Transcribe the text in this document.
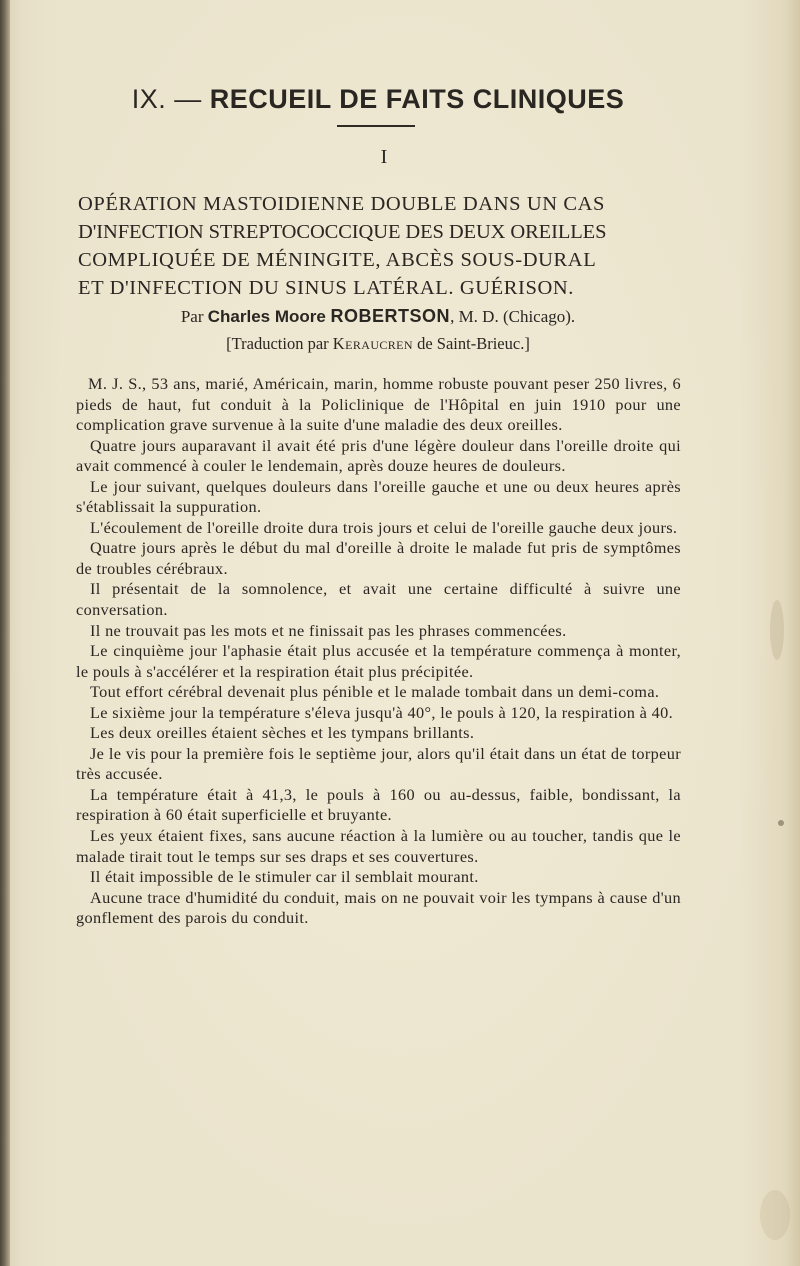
IX. — RECUEIL DE FAITS CLINIQUES
I
OPÉRATION MASTOIDIENNE DOUBLE DANS UN CAS
D'INFECTION STREPTOCOCCIQUE DES DEUX OREILLES
COMPLIQUÉE DE MÉNINGITE, ABCÈS SOUS-DURAL
ET D'INFECTION DU SINUS LATÉRAL. GUÉRISON.
Par Charles Moore ROBERTSON, M. D. (Chicago).
[Traduction par Keraucren de Saint-Brieuc.]

M. J. S., 53 ans, marié, Américain, marin, homme robuste pouvant peser 250 livres, 6 pieds de haut, fut conduit à la Policlinique de l'Hôpital en juin 1910 pour une complication grave survenue à la suite d'une maladie des deux oreilles.

Quatre jours auparavant il avait été pris d'une légère douleur dans l'oreille droite qui avait commencé à couler le lendemain, après douze heures de douleurs.

Le jour suivant, quelques douleurs dans l'oreille gauche et une ou deux heures après s'établissait la suppuration.

L'écoulement de l'oreille droite dura trois jours et celui de l'oreille gauche deux jours.

Quatre jours après le début du mal d'oreille à droite le malade fut pris de symptômes de troubles cérébraux.

Il présentait de la somnolence, et avait une certaine difficulté à suivre une conversation.

Il ne trouvait pas les mots et ne finissait pas les phrases commencées.

Le cinquième jour l'aphasie était plus accusée et la température commença à monter, le pouls à s'accélérer et la respiration était plus précipitée.

Tout effort cérébral devenait plus pénible et le malade tombait dans un demi-coma.

Le sixième jour la température s'éleva jusqu'à 40°, le pouls à 120, la respiration à 40.

Les deux oreilles étaient sèches et les tympans brillants.

Je le vis pour la première fois le septième jour, alors qu'il était dans un état de torpeur très accusée.

La température était à 41,3, le pouls à 160 ou au-dessus, faible, bondissant, la respiration à 60 était superficielle et bruyante.

Les yeux étaient fixes, sans aucune réaction à la lumière ou au toucher, tandis que le malade tirait tout le temps sur ses draps et ses couvertures.

Il était impossible de le stimuler car il semblait mourant.

Aucune trace d'humidité du conduit, mais on ne pouvait voir les tympans à cause d'un gonflement des parois du conduit.
